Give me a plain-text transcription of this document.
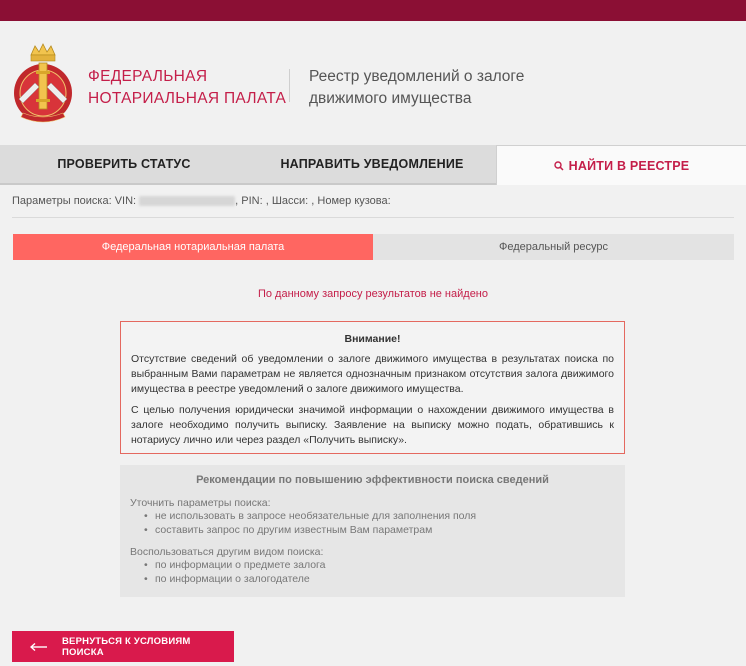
ФЕДЕРАЛЬНАЯ
НОТАРИАЛЬНАЯ ПАЛАТА
Реестр уведомлений о залоге
движимого имущества
ПРОВЕРИТЬ СТАТУС	НАПРАВИТЬ УВЕДОМЛЕНИЕ	НАЙТИ В РЕЕСТРЕ
Параметры поиска: VIN:	, PIN: , Шасси: , Номер кузова:
Федеральная нотариальная палата	Федеральный ресурс
По данному запросу результатов не найдено
Внимание!

Отсутствие сведений об уведомлении о залоге движимого имущества в результатах поиска по выбранным Вами параметрам не является однозначным признаком отсутствия залога движимого имущества в реестре уведомлений о залоге движимого имущества.

С целью получения юридически значимой информации о нахождении движимого имущества в залоге необходимо получить выписку. Заявление на выписку можно подать, обратившись к нотариусу лично или через раздел «Получить выписку».

Рекомендации по повышению эффективности поиска сведений
Уточнить параметры поиска:
• не использовать в запросе необязательные для заполнения поля
• составить запрос по другим известным Вам параметрам
Воспользоваться другим видом поиска:
• по информации о предмете залога
• по информации о залогодателе
ВЕРНУТЬСЯ К УСЛОВИЯМ ПОИСКА
